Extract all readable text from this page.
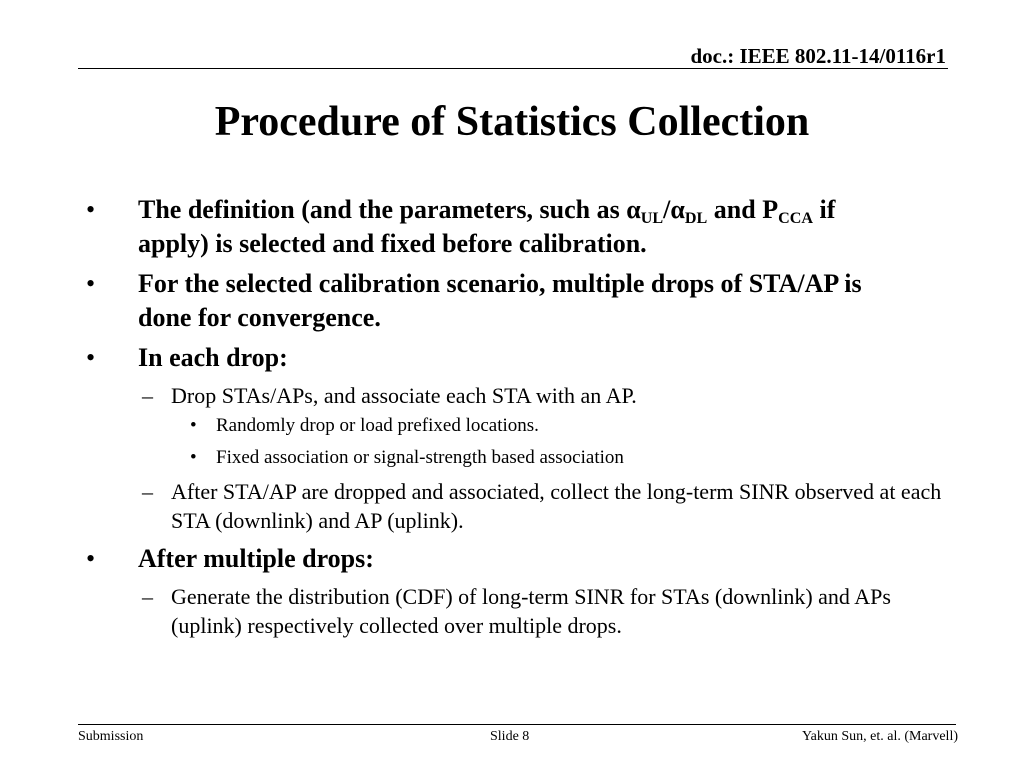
doc.: IEEE 802.11-14/0116r1
Procedure of Statistics Collection
• The definition (and the parameters, such as $\alpha_{UL}/\alpha_{DL}$ and $P_{CCA}$ if apply) is selected and fixed before calibration.
• For the selected calibration scenario, multiple drops of STA/AP is done for convergence.
• In each drop:
– Drop STAs/APs, and associate each STA with an AP.
• Randomly drop or load prefixed locations.
• Fixed association or signal-strength based association
– After STA/AP are dropped and associated, collect the long-term SINR observed at each STA (downlink) and AP (uplink).
• After multiple drops:
– Generate the distribution (CDF) of long-term SINR for STAs (downlink) and APs (uplink) respectively collected over multiple drops.
Submission	Slide 8	Yakun Sun, et. al. (Marvell)
